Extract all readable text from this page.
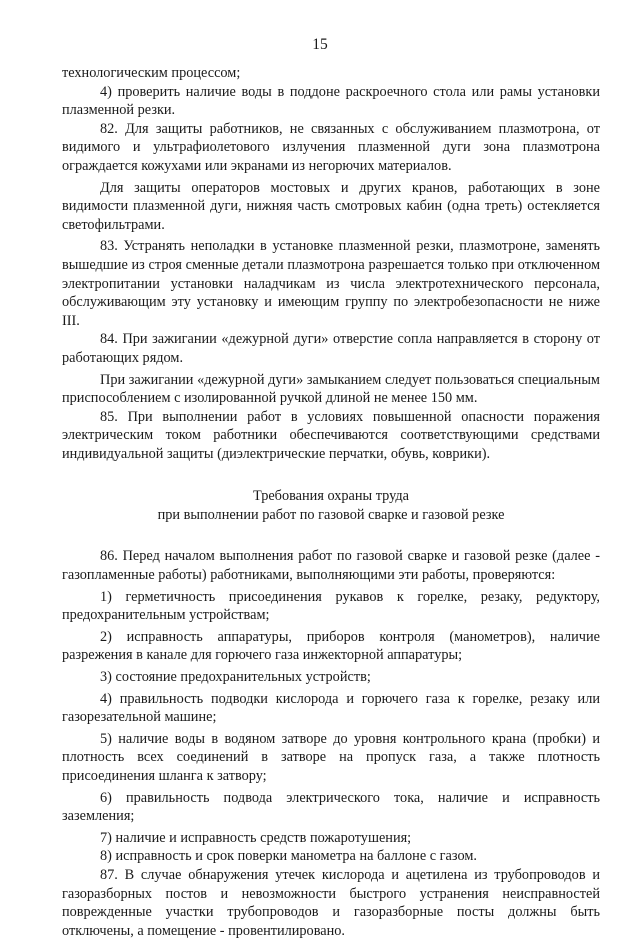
15

технологическим процессом;

4) проверить наличие воды в поддоне раскроечного стола или рамы установки плазменной резки.

82. Для защиты работников, не связанных с обслуживанием плазмотрона, от видимого и ультрафиолетового излучения плазменной дуги зона плазмотрона ограждается кожухами или экранами из негорючих материалов.

Для защиты операторов мостовых и других кранов, работающих в зоне видимости плазменной дуги, нижняя часть смотровых кабин (одна треть) остекляется светофильтрами.

83. Устранять неполадки в установке плазменной резки, плазмотроне, заменять вышедшие из строя сменные детали плазмотрона разрешается только при отключенном электропитании установки наладчикам из числа электротехнического персонала, обслуживающим эту установку и имеющим группу по электробезопасности не ниже III.

84. При зажигании «дежурной дуги» отверстие сопла направляется в сторону от работающих рядом.

При зажигании «дежурной дуги» замыканием следует пользоваться специальным приспособлением с изолированной ручкой длиной не менее 150 мм.

85. При выполнении работ в условиях повышенной опасности поражения электрическим током работники обеспечиваются соответствующими средствами индивидуальной защиты (диэлектрические перчатки, обувь, коврики).

Требования охраны труда
при выполнении работ по газовой сварке и газовой резке

86. Перед началом выполнения работ по газовой сварке и газовой резке (далее - газопламенные работы) работниками, выполняющими эти работы, проверяются:

1) герметичность присоединения рукавов к горелке, резаку, редуктору, предохранительным устройствам;

2) исправность аппаратуры, приборов контроля (манометров), наличие разрежения в канале для горючего газа инжекторной аппаратуры;

3) состояние предохранительных устройств;

4) правильность подводки кислорода и горючего газа к горелке, резаку или газорезательной машине;

5) наличие воды в водяном затворе до уровня контрольного крана (пробки) и плотность всех соединений в затворе на пропуск газа, а также плотность присоединения шланга к затвору;

6) правильность подвода электрического тока, наличие и исправность заземления;

7) наличие и исправность средств пожаротушения;

8) исправность и срок поверки манометра на баллоне с газом.

87. В случае обнаружения утечек кислорода и ацетилена из трубопроводов и газоразборных постов и невозможности быстрого устранения неисправностей поврежденные участки трубопроводов и газоразборные посты должны быть отключены, а помещение - провентилировано.
